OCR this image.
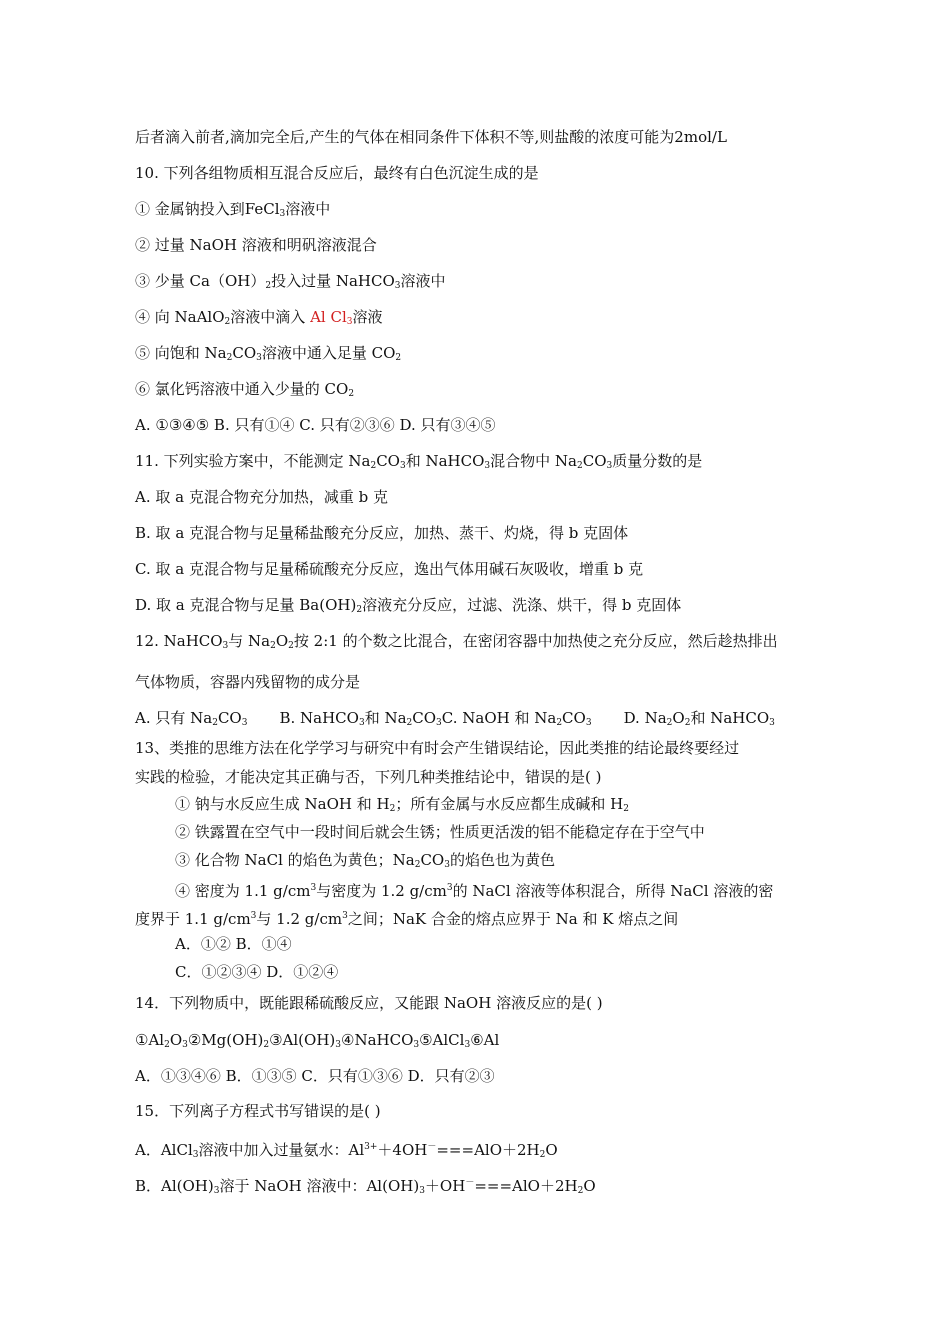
后者滴入前者,滴加完全后,产生的气体在相同条件下体积不等,则盐酸的浓度可能为2mol/L
10. 下列各组物质相互混合反应后，最终有白色沉淀生成的是
① 金属钠投入到FeCl$_3$溶液中
② 过量 NaOH 溶液和明矾溶液混合
③ 少量 $Ca(OH)_2$投入过量 NaHCO$_3$溶液中
④ 向 NaAlO$_2$溶液中滴入 Al $Cl_3$溶液
⑤ 向饱和 $Na_2CO_3$溶液中通入足量 $CO_2$
⑥ 氯化钙溶液中通入少量的 $CO_2$
A. ①③④⑤ B. 只有①④ C. 只有②③⑥ D. 只有③④⑤
11. 下列实验方案中，不能测定 $Na_2CO_3$和 NaHCO$_3$混合物中 $Na_2CO_3$质量分数的是
A. 取 a 克混合物充分加热，减重 b 克
B. 取 a 克混合物与足量稀盐酸充分反应，加热、蒸干、灼烧，得 b 克固体
C. 取 a 克混合物与足量稀硫酸充分反应，逸出气体用碱石灰吸收，增重 b 克
D. 取 a 克混合物与足量 $Ba(OH)_2$溶液充分反应，过滤、洗涤、烘干，得 b 克固体
12. NaHCO$_3$与 $Na_2O_2$按 2:1 的个数之比混合，在密闭容器中加热使之充分反应，然后趁热排出
气体物质，容器内残留物的成分是
A. 只有 $Na_2CO_3$ B. NaHCO$_3$和 $Na_2CO_3C$. NaOH 和 $Na_2CO_3$ D. $Na_2O_2$和 NaHCO$_3$
13、类推的思维方法在化学学习与研究中有时会产生错误结论，因此类推的结论最终要经过
实践的检验，才能决定其正确与否，下列几种类推结论中，错误的是( )
① 钠与水反应生成 NaOH 和 $H_2$；所有金属与水反应都生成碱和 $H_2$
② 铁露置在空气中一段时间后就会生锈；性质更活泼的铝不能稳定存在于空气中
③ 化合物 NaCl 的焰色为黄色；$Na_2CO_3$的焰色也为黄色
④ 密度为 1.1 $g/cm^3$与密度为 1.2 $g/cm^3$的 NaCl 溶液等体积混合，所得 NaCl 溶液的密
度界于 1.1 $g/cm^3$与 1.2 $g/cm^3$之间；NaK 合金的熔点应界于 Na 和 K 熔点之间
A．①② B．①④
C．①②③④ D．①②④
14．下列物质中，既能跟稀硫酸反应，又能跟 NaOH 溶液反应的是( )
$①Al_2O_3②Mg(OH)_2③Al(OH)_3④NaHCO_3⑤AlCl_3⑥Al$
A．①③④⑥ B．①③⑤ C．只有①③⑥ D．只有②③
15．下列离子方程式书写错误的是( )
A．AlCl$_3$溶液中加入过量氨水：$Al^{3+}+4OH^-===AlO+2H_2O$
B．$Al(OH)_3$溶于 NaOH 溶液中：$Al(OH)_3+OH^-===AlO+2H_2O$
